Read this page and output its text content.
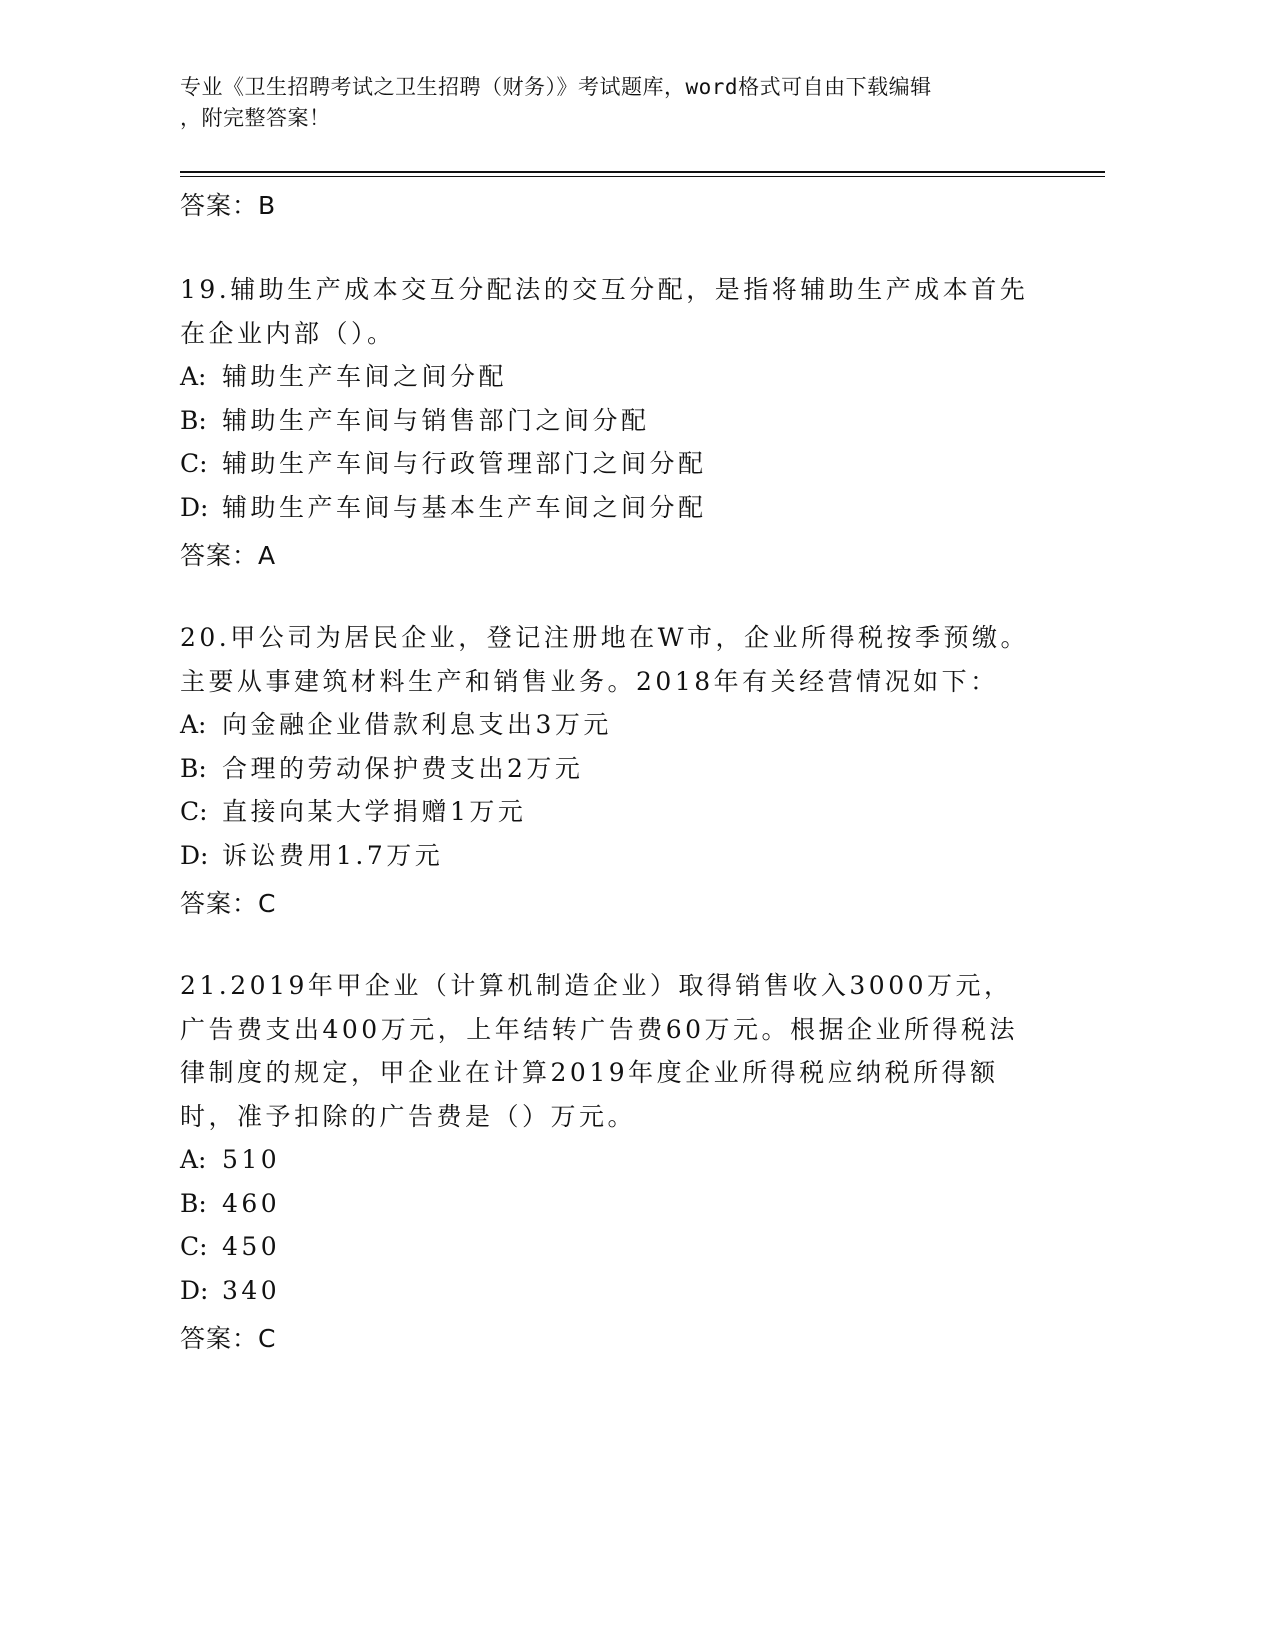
专业《卫生招聘考试之卫生招聘（财务）》考试题库，word格式可自由下载编辑
，附完整答案！
答案：B

19.辅助生产成本交互分配法的交互分配，是指将辅助生产成本首先在企业内部（）。

A: 辅助生产车间之间分配

B: 辅助生产车间与销售部门之间分配

C: 辅助生产车间与行政管理部门之间分配

D: 辅助生产车间与基本生产车间之间分配

答案：A

20.甲公司为居民企业，登记注册地在W市，企业所得税按季预缴。主要从事建筑材料生产和销售业务。2018年有关经营情况如下：

A: 向金融企业借款利息支出3万元

B: 合理的劳动保护费支出2万元

C: 直接向某大学捐赠1万元

D: 诉讼费用1.7万元

答案：C

21.2019年甲企业（计算机制造企业）取得销售收入3000万元，广告费支出400万元，上年结转广告费60万元。根据企业所得税法律制度的规定，甲企业在计算2019年度企业所得税应纳税所得额时，准予扣除的广告费是（）万元。

A: 510

B: 460

C: 450

D: 340

答案：C
